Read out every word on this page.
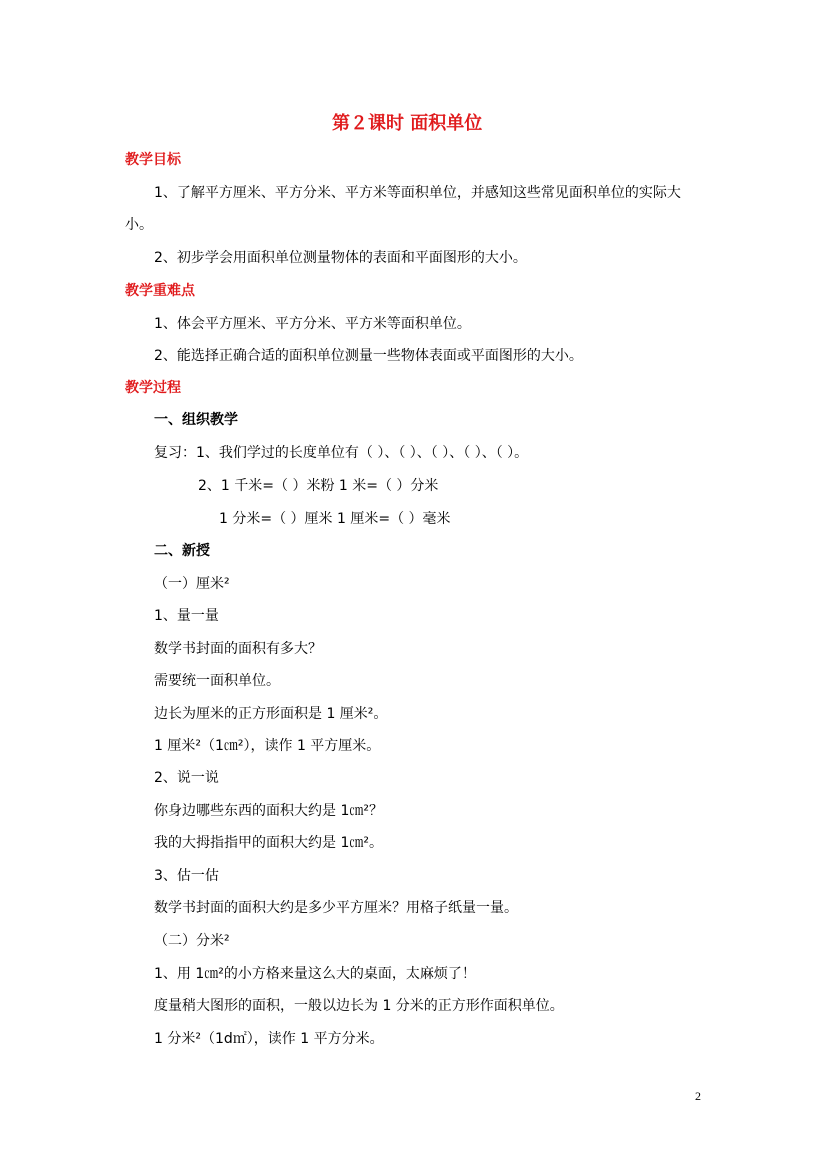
第２课时 面积单位
教学目标
1、了解平方厘米、平方分米、平方米等面积单位，并感知这些常见面积单位的实际大
小。
2、初步学会用面积单位测量物体的表面和平面图形的大小。
教学重难点
1、体会平方厘米、平方分米、平方米等面积单位。
2、能选择正确合适的面积单位测量一些物体表面或平面图形的大小。
教学过程
一、组织教学
复习：1、我们学过的长度单位有（ ）、（ ）、（ ）、（ ）、（ ）。
2、1 千米=（ ）米粉 1 米=（ ）分米
1 分米=（ ）厘米 1 厘米=（ ）毫米
二、新授
（一）厘米²
1、量一量
数学书封面的面积有多大？
需要统一面积单位。
边长为厘米的正方形面积是 1 厘米²。
1 厘米²（1㎝²），读作 1 平方厘米。
2、说一说
你身边哪些东西的面积大约是 1㎝²？
我的大拇指指甲的面积大约是 1㎝²。
3、估一估
数学书封面的面积大约是多少平方厘米？用格子纸量一量。
（二）分米²
1、用 1㎝²的小方格来量这么大的桌面，太麻烦了！
度量稍大图形的面积，一般以边长为 1 分米的正方形作面积单位。
1 分米²（1d㎡），读作 1 平方分米。
2
